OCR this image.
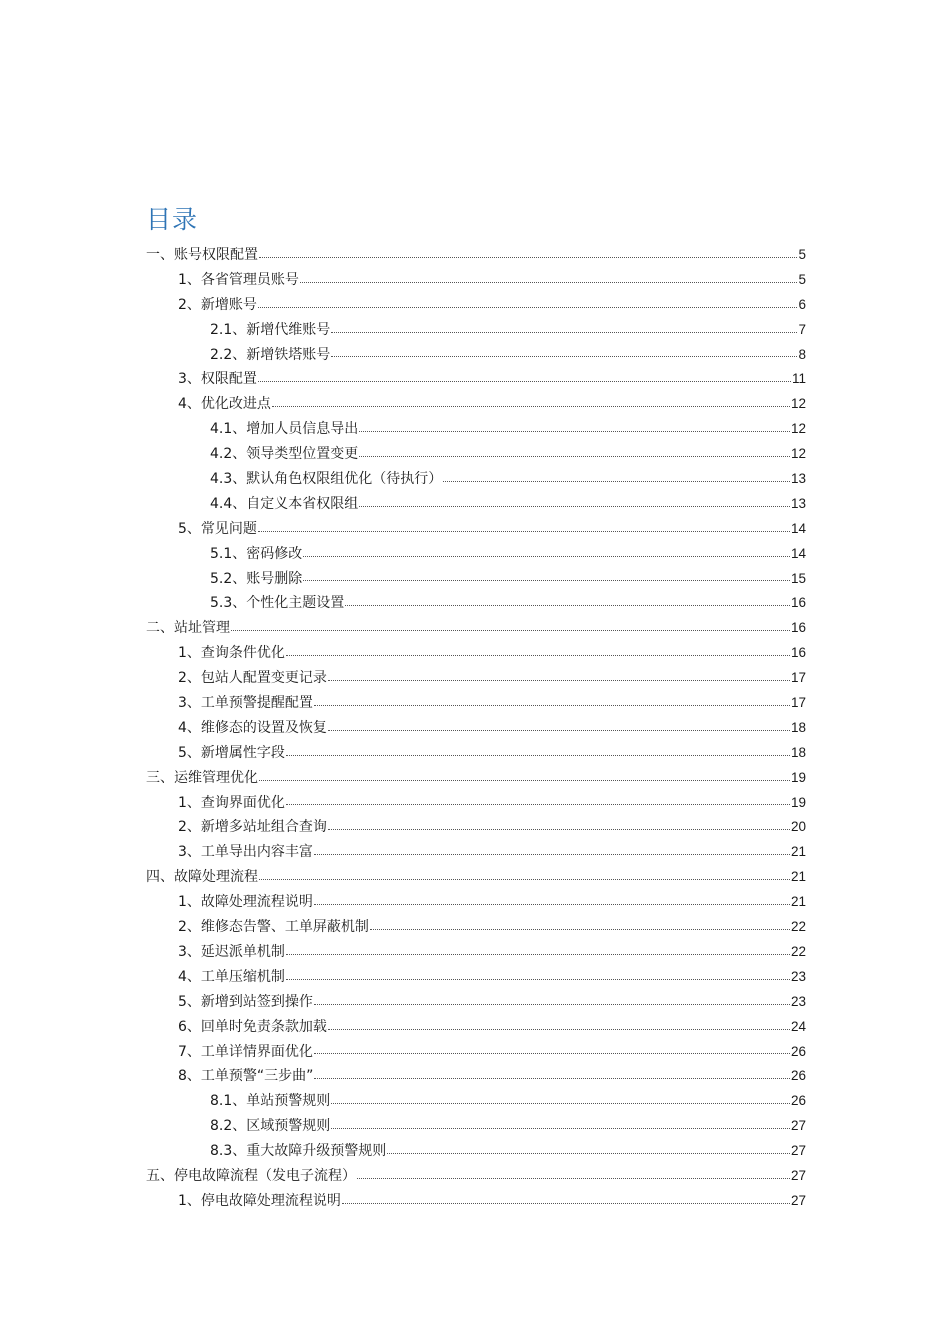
目录
一、账号权限配置	5
1、各省管理员账号	5
2、新增账号	6
2.1、新增代维账号	7
2.2、新增铁塔账号	8
3、权限配置	11
4、优化改进点	12
4.1、增加人员信息导出	12
4.2、领导类型位置变更	12
4.3、默认角色权限组优化（待执行）	13
4.4、自定义本省权限组	13
5、常见问题	14
5.1、密码修改	14
5.2、账号删除	15
5.3、个性化主题设置	16
二、站址管理	16
1、查询条件优化	16
2、包站人配置变更记录	17
3、工单预警提醒配置	17
4、维修态的设置及恢复	18
5、新增属性字段	18
三、运维管理优化	19
1、查询界面优化	19
2、新增多站址组合查询	20
3、工单导出内容丰富	21
四、故障处理流程	21
1、故障处理流程说明	21
2、维修态告警、工单屏蔽机制	22
3、延迟派单机制	22
4、工单压缩机制	23
5、新增到站签到操作	23
6、回单时免责条款加载	24
7、工单详情界面优化	26
8、工单预警“三步曲”	26
8.1、单站预警规则	26
8.2、区域预警规则	27
8.3、重大故障升级预警规则	27
五、停电故障流程（发电子流程）	27
1、停电故障处理流程说明	27
